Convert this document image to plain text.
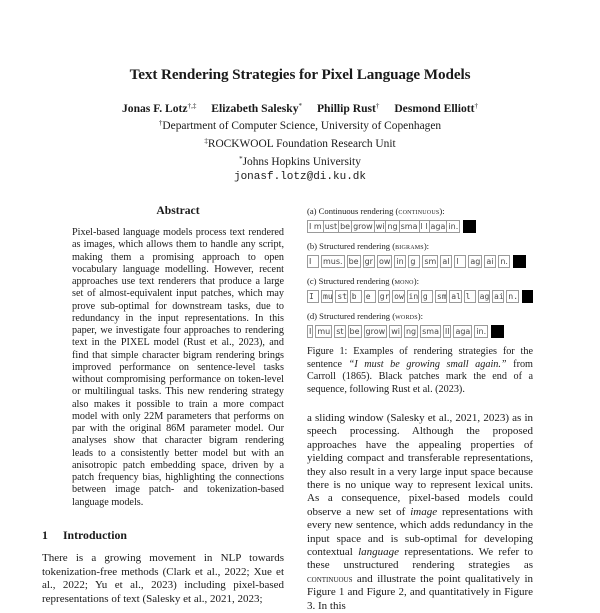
Text Rendering Strategies for Pixel Language Models
Jonas F. Lotz†,‡ Elizabeth Salesky* Phillip Rust† Desmond Elliott†
†Department of Computer Science, University of Copenhagen
‡ROCKWOOL Foundation Research Unit
*Johns Hopkins University
jonasf.lotz@di.ku.dk
Abstract
Pixel-based language models process text rendered as images, which allows them to handle any script, making them a promising approach to open vocabulary language modelling. However, recent approaches use text renderers that produce a large set of almost-equivalent input patches, which may prove sub-optimal for downstream tasks, due to redundancy in the input representations. In this paper, we investigate four approaches to rendering text in the PIXEL model (Rust et al., 2023), and find that simple character bigram rendering brings improved performance on sentence-level tasks without compromising performance on token-level or multilingual tasks. This new rendering strategy also makes it possible to train a more compact model with only 22M parameters that performs on par with the original 86M parameter model. Our analyses show that character bigram rendering leads to a consistently better model but with an anisotropic patch embedding space, driven by a patch frequency bias, highlighting the connections between image patch- and tokenization-based language models.
1 Introduction
There is a growing movement in NLP towards tokenization-free methods (Clark et al., 2022; Xue et al., 2022; Yu et al., 2023) including pixel-based representations of text (Salesky et al., 2021, 2023;
(a) Continuous rendering (continuous):
I m ust be grow wi ng sma l l aga in.
(b) Structured rendering (bigrams):
I	mus. be gr ow in g	sm al l	ag ai n.
(c) Structured rendering (mono):
I	mu st b	e	gr ow in g	sm al l	ag ai n.
(d) Structured rendering (words):
I mu st be grow wi ng sma ll aga in.
Figure 1: Examples of rendering strategies for the sentence “I must be growing small again.” from Carroll (1865). Black patches mark the end of a sequence, following Rust et al. (2023).
a sliding window (Salesky et al., 2021, 2023) as in speech processing. Although the proposed approaches have the appealing properties of yielding compact and transferable representations, they also result in a very large input space because there is no unique way to represent lexical units. As a consequence, pixel-based models could observe a new set of image representations with every new sentence, which adds redundancy in the input space and is sub-optimal for developing contextual language representations. We refer to these unstructured rendering strategies as continuous and illustrate the point qualitatively in Figure 1 and Figure 2, and quantitatively in Figure 3. In this
